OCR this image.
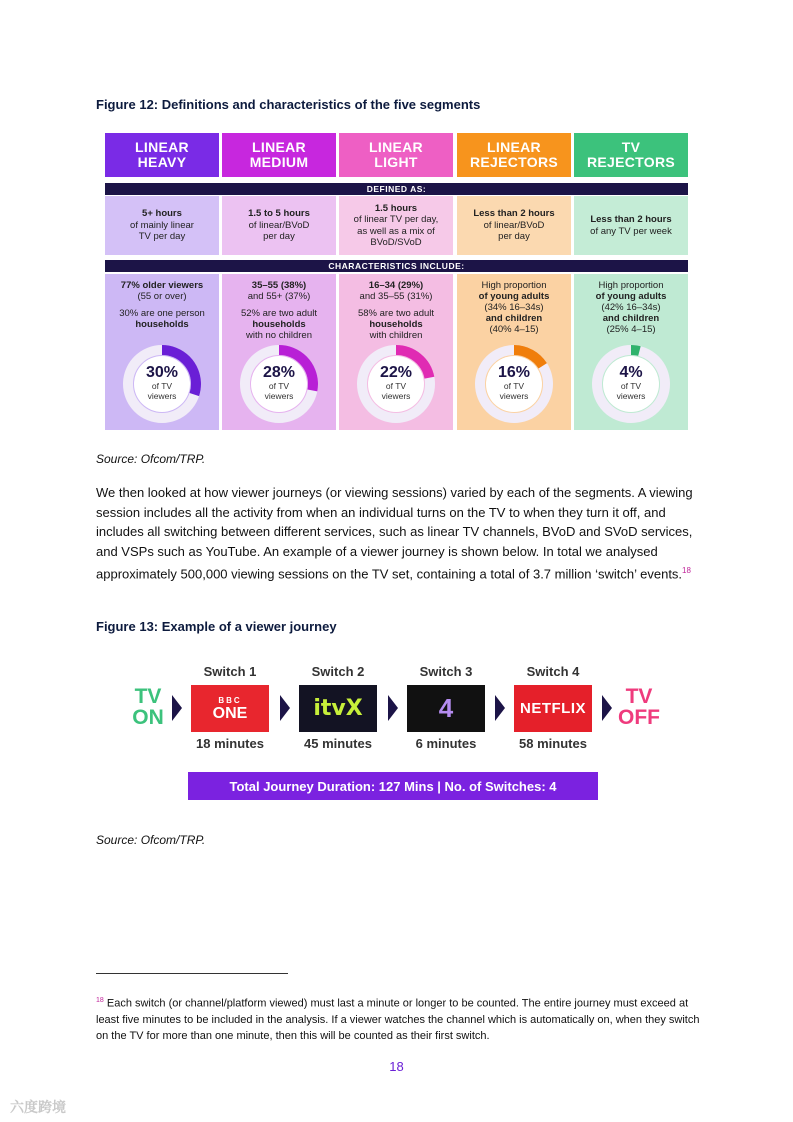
Figure 12: Definitions and characteristics of the five segments
LINEAR
HEAVY
5+ hours
of mainly linear
TV per day
77% older viewers
(55 or over)
30% are one person
households
30%
of TV
viewers
LINEAR
MEDIUM
1.5 to 5 hours
of linear/BVoD
per day
35–55 (38%)
and 55+ (37%)
52% are two adult
households
with no children
28%
of TV
viewers
LINEAR
LIGHT
1.5 hours
of linear TV per day,
as well as a mix of
BVoD/SVoD
16–34 (29%)
and 35–55 (31%)
58% are two adult
households
with children
22%
of TV
viewers
LINEAR
REJECTORS
Less than 2 hours
of linear/BVoD
per day
High proportion
of young adults
(34% 16–34s)
and children
(40% 4–15)
16%
of TV
viewers
TV
REJECTORS
Less than 2 hours
of any TV per week
High proportion
of young adults
(42% 16–34s)
and children
(25% 4–15)
4%
of TV
viewers
DEFINED AS:
CHARACTERISTICS INCLUDE:
Source: Ofcom/TRP.
We then looked at how viewer journeys (or viewing sessions) varied by each of the segments. A viewing session includes all the activity from when an individual turns on the TV to when they turn it off, and includes all switching between different services, such as linear TV channels, BVoD and SVoD services, and VSPs such as YouTube. An example of a viewer journey is shown below. In total we analysed approximately 500,000 viewing sessions on the TV set, containing a total of 3.7 million ‘switch’ events.$^{18}$
Figure 13: Example of a viewer journey
TV
ON
Switch 1
BBC
ONE
18 minutes
Switch 2
itvX
45 minutes
Switch 3
4
6 minutes
Switch 4
NETFLIX
58 minutes
TV
OFF
Total Journey Duration: 127 Mins | No. of Switches: 4
Source: Ofcom/TRP.
$^{18}$ Each switch (or channel/platform viewed) must last a minute or longer to be counted. The entire journey must exceed at least five minutes to be included in the analysis. If a viewer watches the channel which is automatically on, when they switch on the TV for more than one minute, then this will be counted as their first switch.
18
六度跨境
